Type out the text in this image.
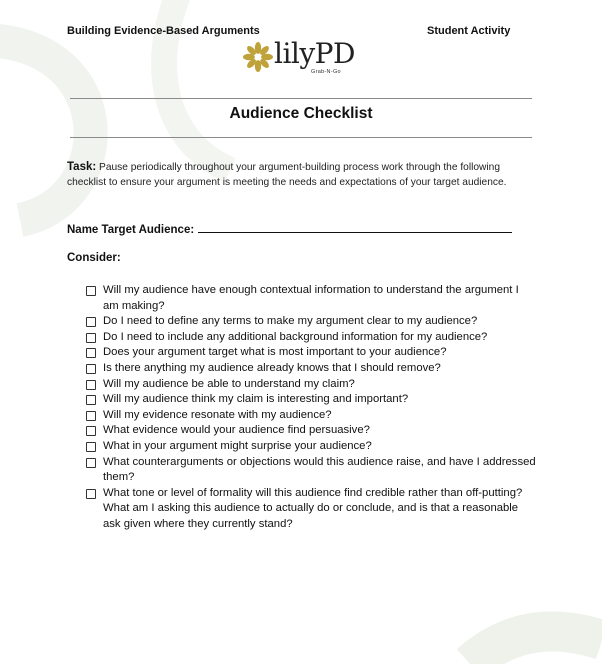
Building Evidence-Based Arguments	Student Activity
lilyPD
Grab-N-Go
Audience Checklist
Task: Pause periodically throughout your argument-building process work through the following checklist to ensure your argument is meeting the needs and expectations of your target audience.
Name Target Audience:
Consider:
Will my audience have enough contextual information to understand the argument I am making?
Do I need to define any terms to make my argument clear to my audience?
Do I need to include any additional background information for my audience?
Does your argument target what is most important to your audience?
Is there anything my audience already knows that I should remove?
Will my audience be able to understand my claim?
Will my audience think my claim is interesting and important?
Will my evidence resonate with my audience?
What evidence would your audience find persuasive?
What in your argument might surprise your audience?
What counterarguments or objections would this audience raise, and have I addressed them?
What tone or level of formality will this audience find credible rather than off-putting? What am I asking this audience to actually do or conclude, and is that a reasonable ask given where they currently stand?
